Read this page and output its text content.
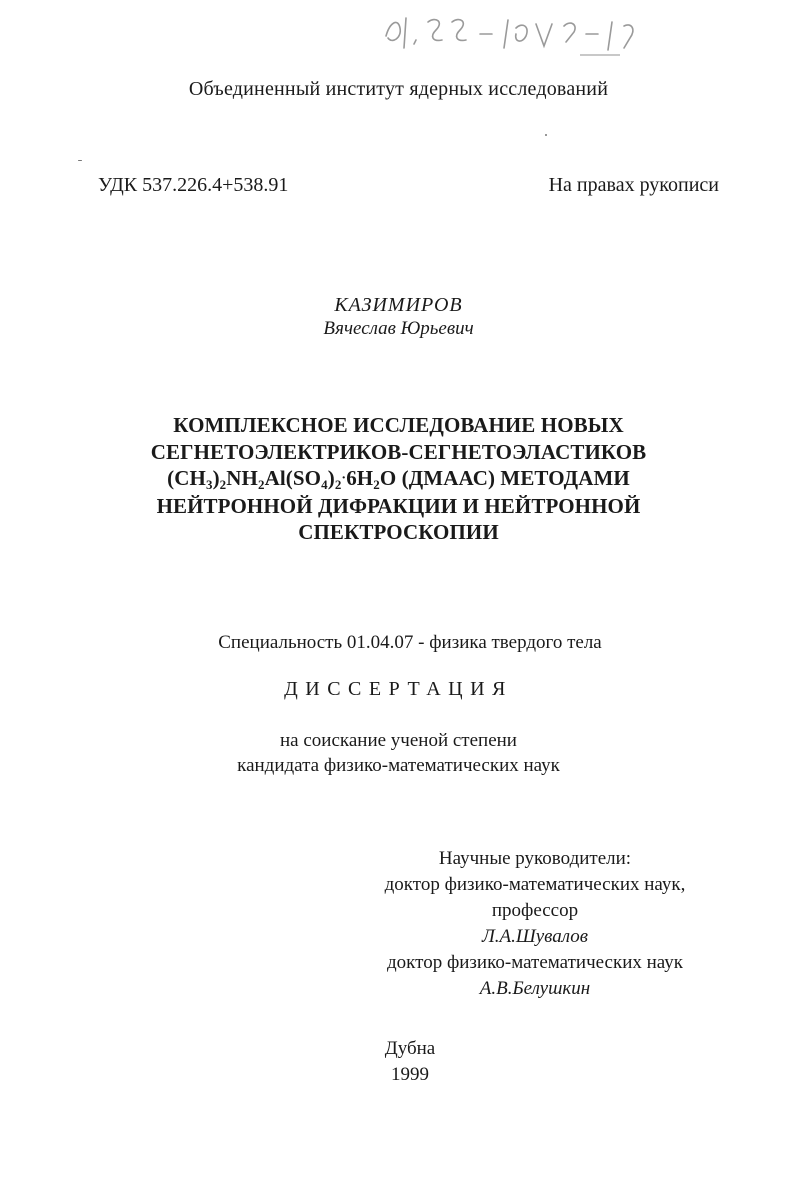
Объединенный институт ядерных исследований
УДК 537.226.4+538.91	На правах рукописи
КАЗИМИРОВ
Вячеслав Юрьевич
КОМПЛЕКСНОЕ ИССЛЕДОВАНИЕ НОВЫХ
СЕГНЕТОЭЛЕКТРИКОВ-СЕГНЕТОЭЛАСТИКОВ
$(CH_3)_2NH_2Al(SO_4)_2\cdot 6H_2O$ (ДМААС) МЕТОДАМИ
НЕЙТРОННОЙ ДИФРАКЦИИ И НЕЙТРОННОЙ
СПЕКТРОСКОПИИ
Специальность 01.04.07 - физика твердого тела
ДИССЕРТАЦИЯ
на соискание ученой степени
кандидата физико-математических наук
Научные руководители:
доктор физико-математических наук,
профессор
Л.А.Шувалов
доктор физико-математических наук
А.В.Белушкин
Дубна
1999
